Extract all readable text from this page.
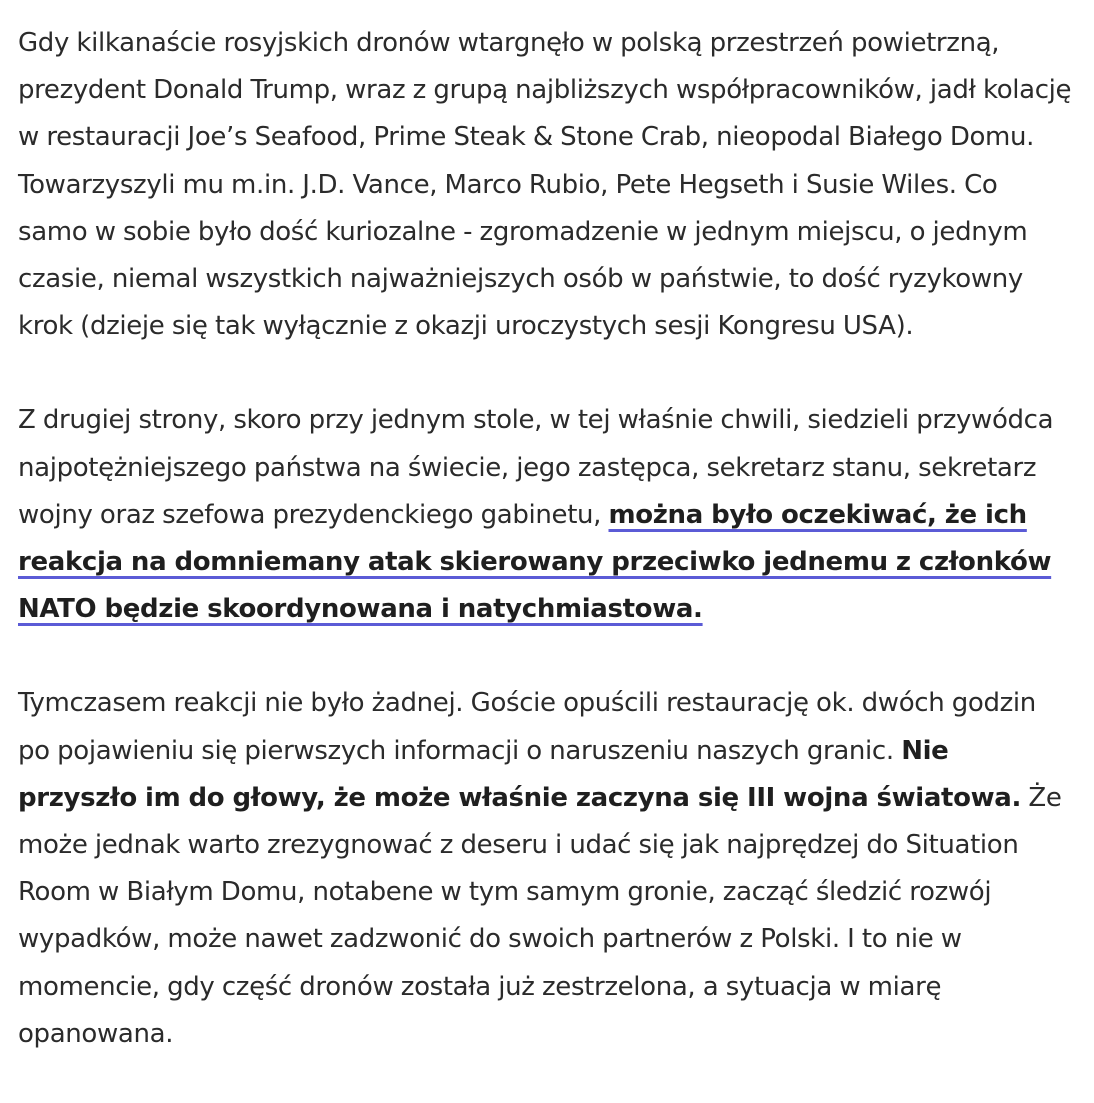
Gdy kilkanaście rosyjskich dronów wtargnęło w polską przestrzeń powietrzną, prezydent Donald Trump, wraz z grupą najbliższych współpracowników, jadł kolację w restauracji Joe’s Seafood, Prime Steak & Stone Crab, nieopodal Białego Domu. Towarzyszyli mu m.in. J.D. Vance, Marco Rubio, Pete Hegseth i Susie Wiles. Co samo w sobie było dość kuriozalne - zgromadzenie w jednym miejscu, o jednym czasie, niemal wszystkich najważniejszych osób w państwie, to dość ryzykowny krok (dzieje się tak wyłącznie z okazji uroczystych sesji Kongresu USA).

Z drugiej strony, skoro przy jednym stole, w tej właśnie chwili, siedzieli przywódca najpotężniejszego państwa na świecie, jego zastępca, sekretarz stanu, sekretarz wojny oraz szefowa prezydenckiego gabinetu, można było oczekiwać, że ich reakcja na domniemany atak skierowany przeciwko jednemu z członków NATO będzie skoordynowana i natychmiastowa.

Tymczasem reakcji nie było żadnej. Goście opuścili restaurację ok. dwóch godzin po pojawieniu się pierwszych informacji o naruszeniu naszych granic. Nie przyszło im do głowy, że może właśnie zaczyna się III wojna światowa. Że może jednak warto zrezygnować z deseru i udać się jak najprędzej do Situation Room w Białym Domu, notabene w tym samym gronie, zacząć śledzić rozwój wypadków, może nawet zadzwonić do swoich partnerów z Polski. I to nie w momencie, gdy część dronów została już zestrzelona, a sytuacja w miarę opanowana.
